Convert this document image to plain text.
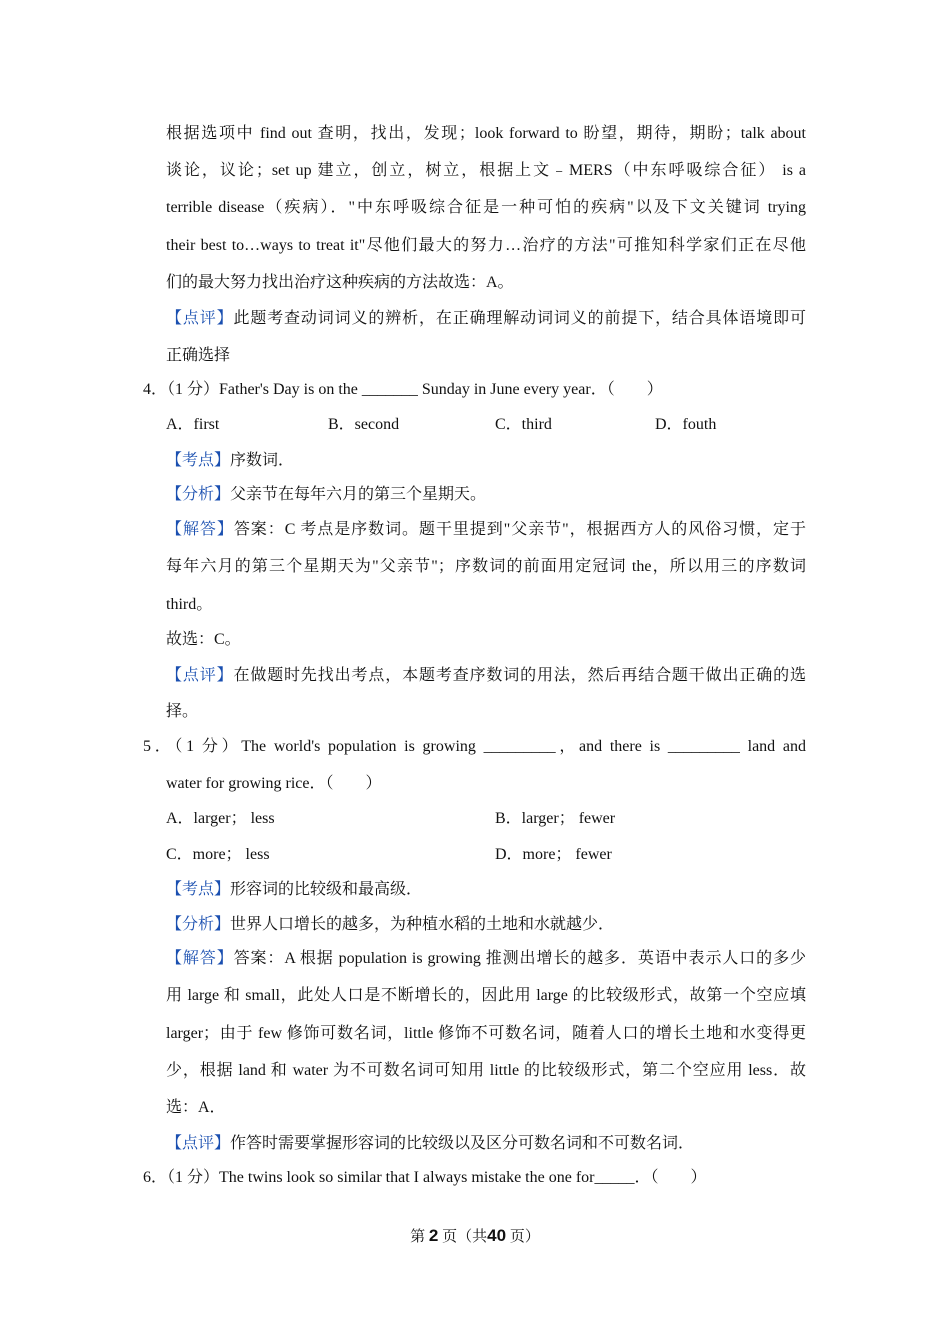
根据选项中 find out 查明，找出，发现；look forward to 盼望，期待，期盼；talk about
谈论，议论；set up 建立，创立，树立，根据上文﹣MERS（中东呼吸综合征） is a
terrible disease（疾病）．"中东呼吸综合征是一种可怕的疾病"以及下文关键词 trying
their best to…ways to treat it"尽他们最大的努力…治疗的方法"可推知科学家们正在尽他
们的最大努力找出治疗这种疾病的方法故选：A。
【点评】此题考查动词词义的辨析，在正确理解动词词义的前提下，结合具体语境即可
正确选择
4．（1 分）Father's Day is on the _______ Sunday in June every year．（　　）
A．first	B．second	C．third	D．fouth
【考点】序数词．
【分析】父亲节在每年六月的第三个星期天。
【解答】答案：C 考点是序数词。题干里提到"父亲节"，根据西方人的风俗习惯，定于
每年六月的第三个星期天为"父亲节"；序数词的前面用定冠词 the，所以用三的序数词
third。
故选：C。
【点评】在做题时先找出考点，本题考查序数词的用法，然后再结合题干做出正确的选
择。
5．（1 分）The world's population is growing _________，and there is _________ land and
water for growing rice．（　　）
A．larger； less	B．larger； fewer
C．more； less	D．more； fewer
【考点】形容词的比较级和最高级．
【分析】世界人口增长的越多，为种植水稻的土地和水就越少．
【解答】答案：A 根据 population is growing 推测出增长的越多．英语中表示人口的多少
用 large 和 small，此处人口是不断增长的，因此用 large 的比较级形式，故第一个空应填
larger；由于 few 修饰可数名词，little 修饰不可数名词，随着人口的增长土地和水变得更
少，根据 land 和 water 为不可数名词可知用 little 的比较级形式，第二个空应用 less．故
选：A．
【点评】作答时需要掌握形容词的比较级以及区分可数名词和不可数名词．
6．（1 分）The twins look so similar that I always mistake the one for_____．（　　）
第 2 页（共40 页）
